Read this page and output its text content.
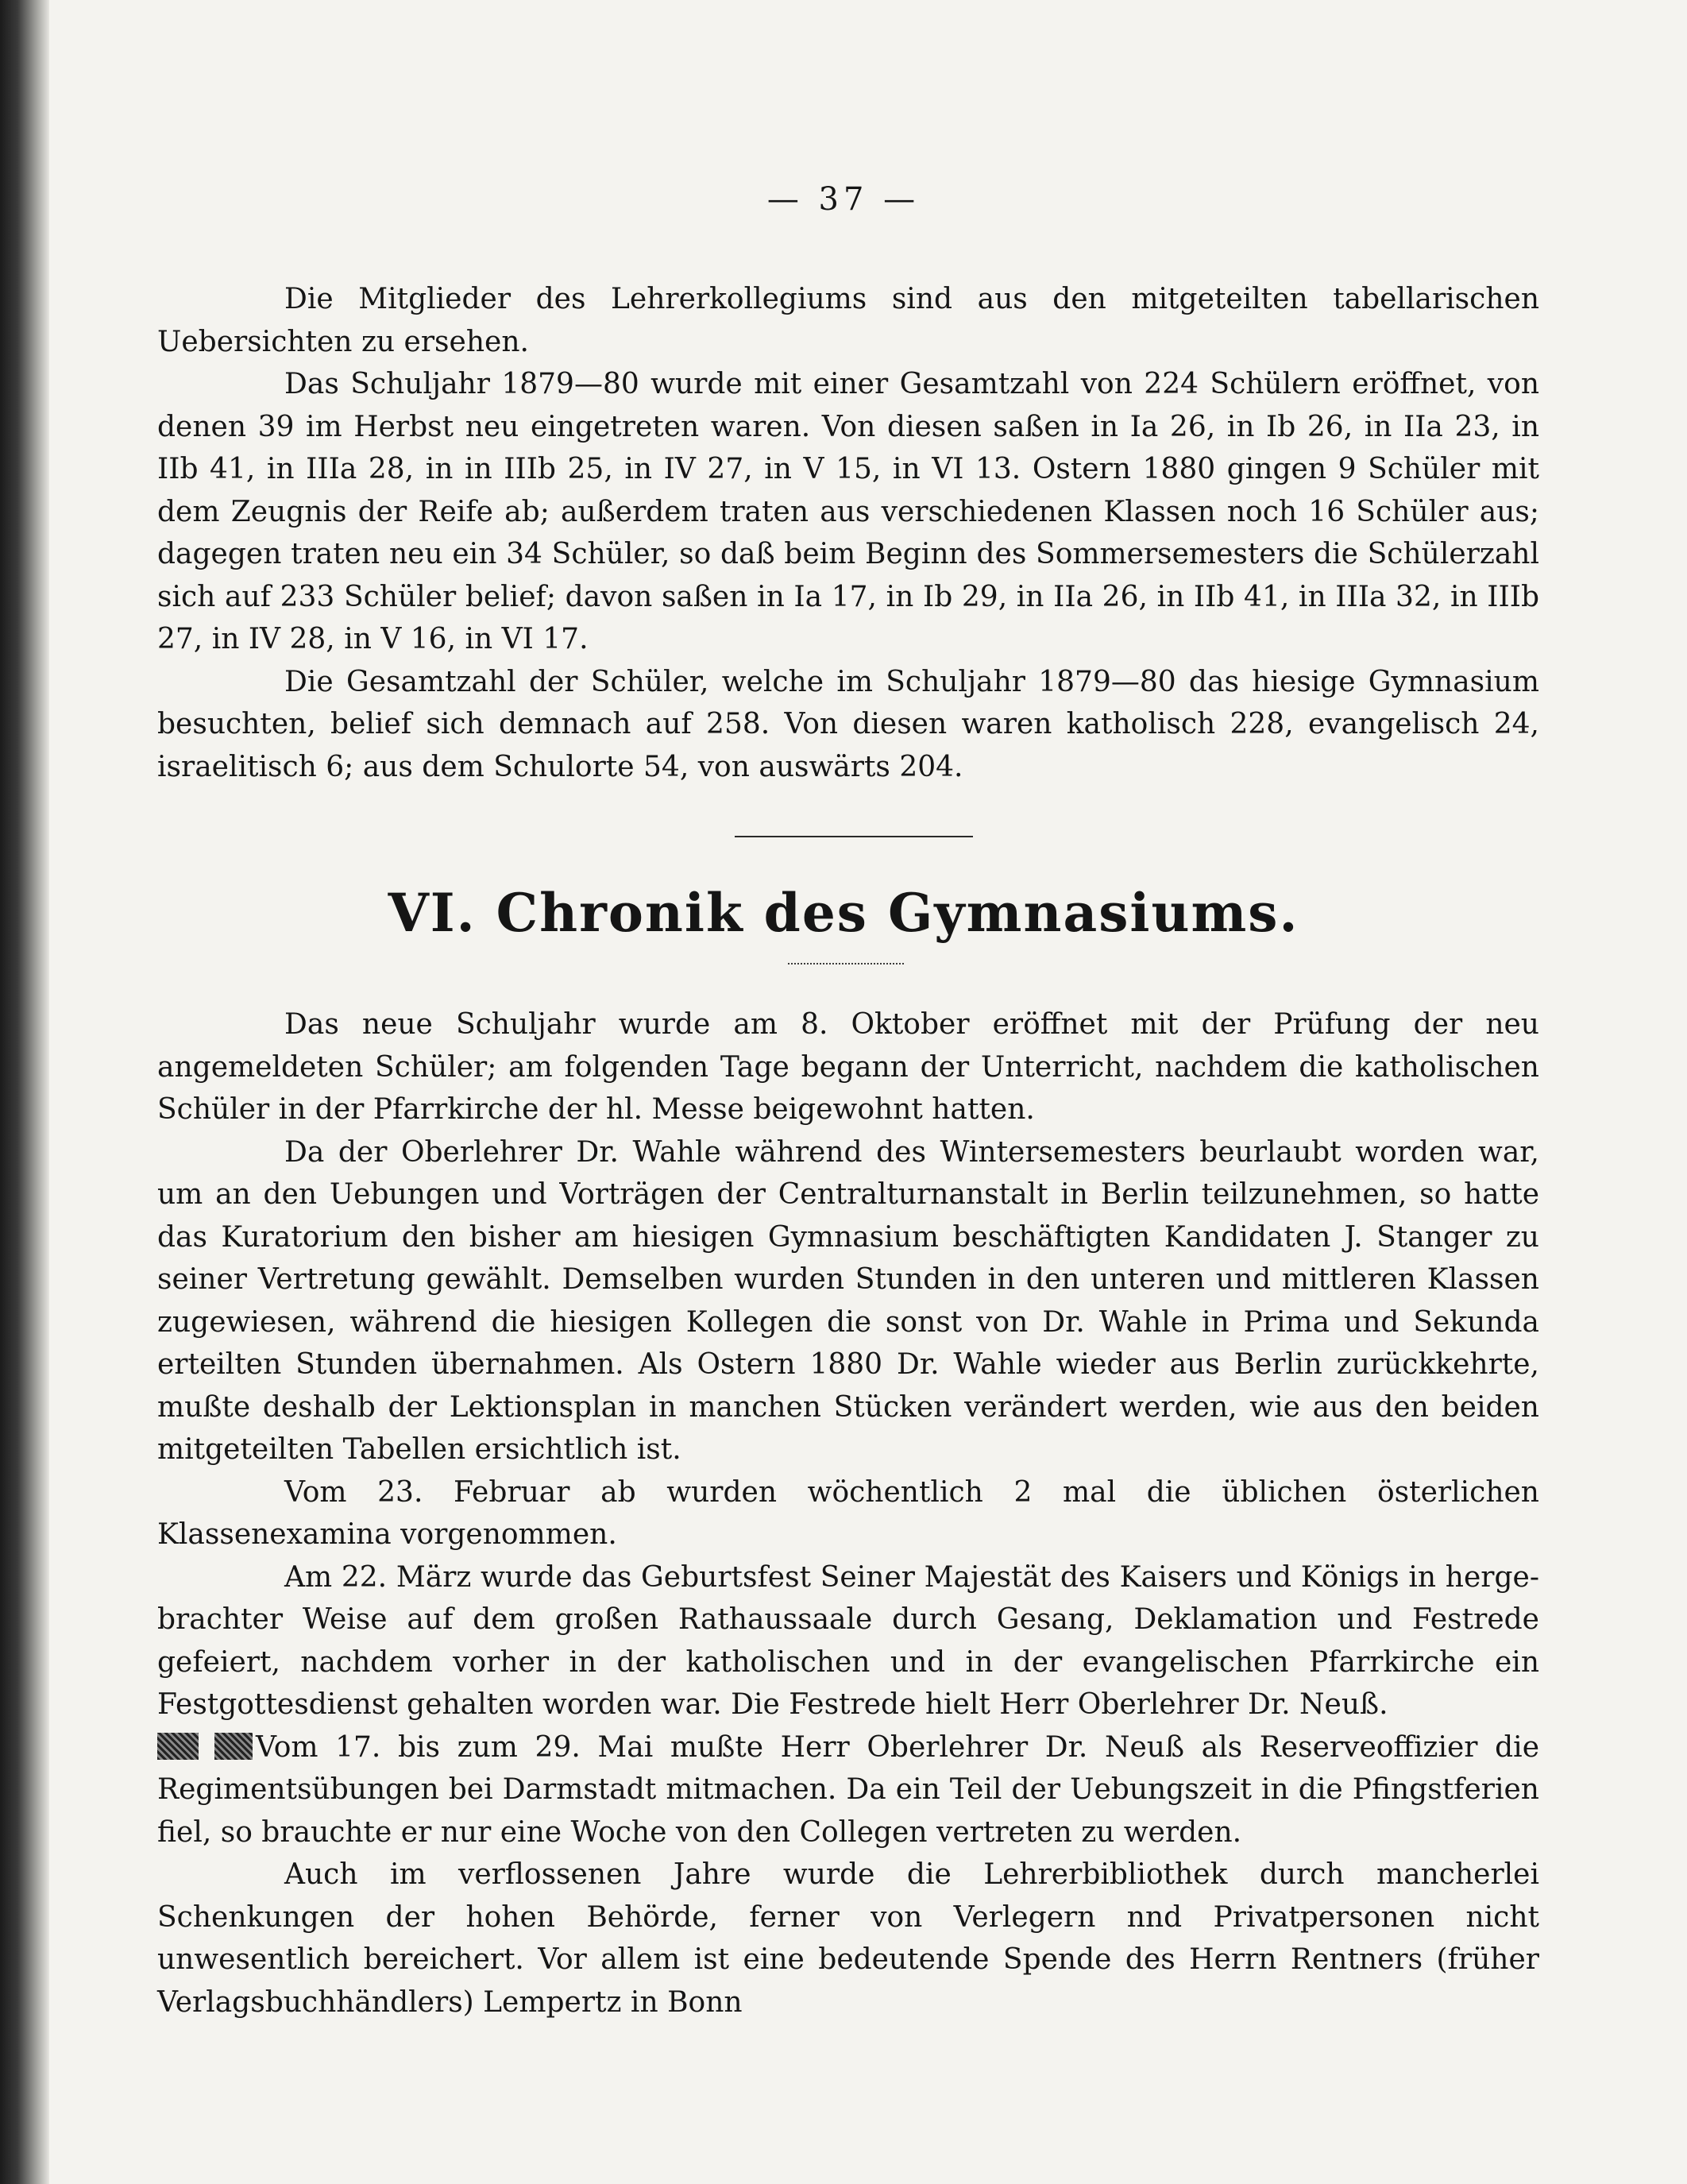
— 37 —

Die Mitglieder des Lehrerkollegiums sind aus den mitgeteilten tabellarischen Uebersichten zu ersehen.

Das Schuljahr 1879—80 wurde mit einer Gesamtzahl von 224 Schülern eröffnet, von denen 39 im Herbst neu eingetreten waren. Von diesen saßen in Ia 26, in Ib 26, in IIa 23, in IIb 41, in IIIa 28, in in IIIb 25, in IV 27, in V 15, in VI 13. Ostern 1880 gingen 9 Schüler mit dem Zeugnis der Reife ab; außerdem traten aus verschiedenen Klassen noch 16 Schüler aus; dagegen traten neu ein 34 Schüler, so daß beim Beginn des Sommersemesters die Schülerzahl sich auf 233 Schüler belief; davon saßen in Ia 17, in Ib 29, in IIa 26, in IIb 41, in IIIa 32, in IIIb 27, in IV 28, in V 16, in VI 17.

Die Gesamtzahl der Schüler, welche im Schuljahr 1879—80 das hiesige Gymnasium besuchten, belief sich demnach auf 258. Von diesen waren katholisch 228, evangelisch 24, israelitisch 6; aus dem Schulorte 54, von auswärts 204.

VI. Chronik des Gymnasiums.

Das neue Schuljahr wurde am 8. Oktober eröffnet mit der Prüfung der neu angemeldeten Schüler; am folgenden Tage begann der Unterricht, nachdem die katholischen Schüler in der Pfarrkirche der hl. Messe beigewohnt hatten.

Da der Oberlehrer Dr. Wahle während des Wintersemesters beurlaubt worden war, um an den Uebungen und Vorträgen der Centralturnanstalt in Berlin teilzunehmen, so hatte das Kuratorium den bisher am hiesigen Gymnasium beschäftigten Kandidaten J. Stanger zu seiner Vertretung gewählt. Demselben wurden Stunden in den unteren und mittleren Klassen zugewiesen, während die hiesigen Kollegen die sonst von Dr. Wahle in Prima und Sekunda erteilten Stunden übernahmen. Als Ostern 1880 Dr. Wahle wieder aus Berlin zurückkehrte, mußte deshalb der Lektionsplan in manchen Stücken verändert werden, wie aus den beiden mitgeteilten Tabellen ersichtlich ist.

Vom 23. Februar ab wurden wöchentlich 2 mal die üblichen österlichen Klassenexamina vorgenommen.

Am 22. März wurde das Geburtsfest Seiner Majestät des Kaisers und Königs in hergebrachter Weise auf dem großen Rathaussaale durch Gesang, Deklamation und Festrede gefeiert, nachdem vorher in der katholischen und in der evangelischen Pfarrkirche ein Festgottesdienst gehalten worden war. Die Festrede hielt Herr Oberlehrer Dr. Neuß.

Vom 17. bis zum 29. Mai mußte Herr Oberlehrer Dr. Neuß als Reserveoffizier die Regimentsübungen bei Darmstadt mitmachen. Da ein Teil der Uebungszeit in die Pfingstferien fiel, so brauchte er nur eine Woche von den Collegen vertreten zu werden.

Auch im verflossenen Jahre wurde die Lehrerbibliothek durch mancherlei Schenkungen der hohen Behörde, ferner von Verlegern nnd Privatpersonen nicht unwesentlich bereichert. Vor allem ist eine bedeutende Spende des Herrn Rentners (früher Verlagsbuchhändlers) Lempertz in Bonn
